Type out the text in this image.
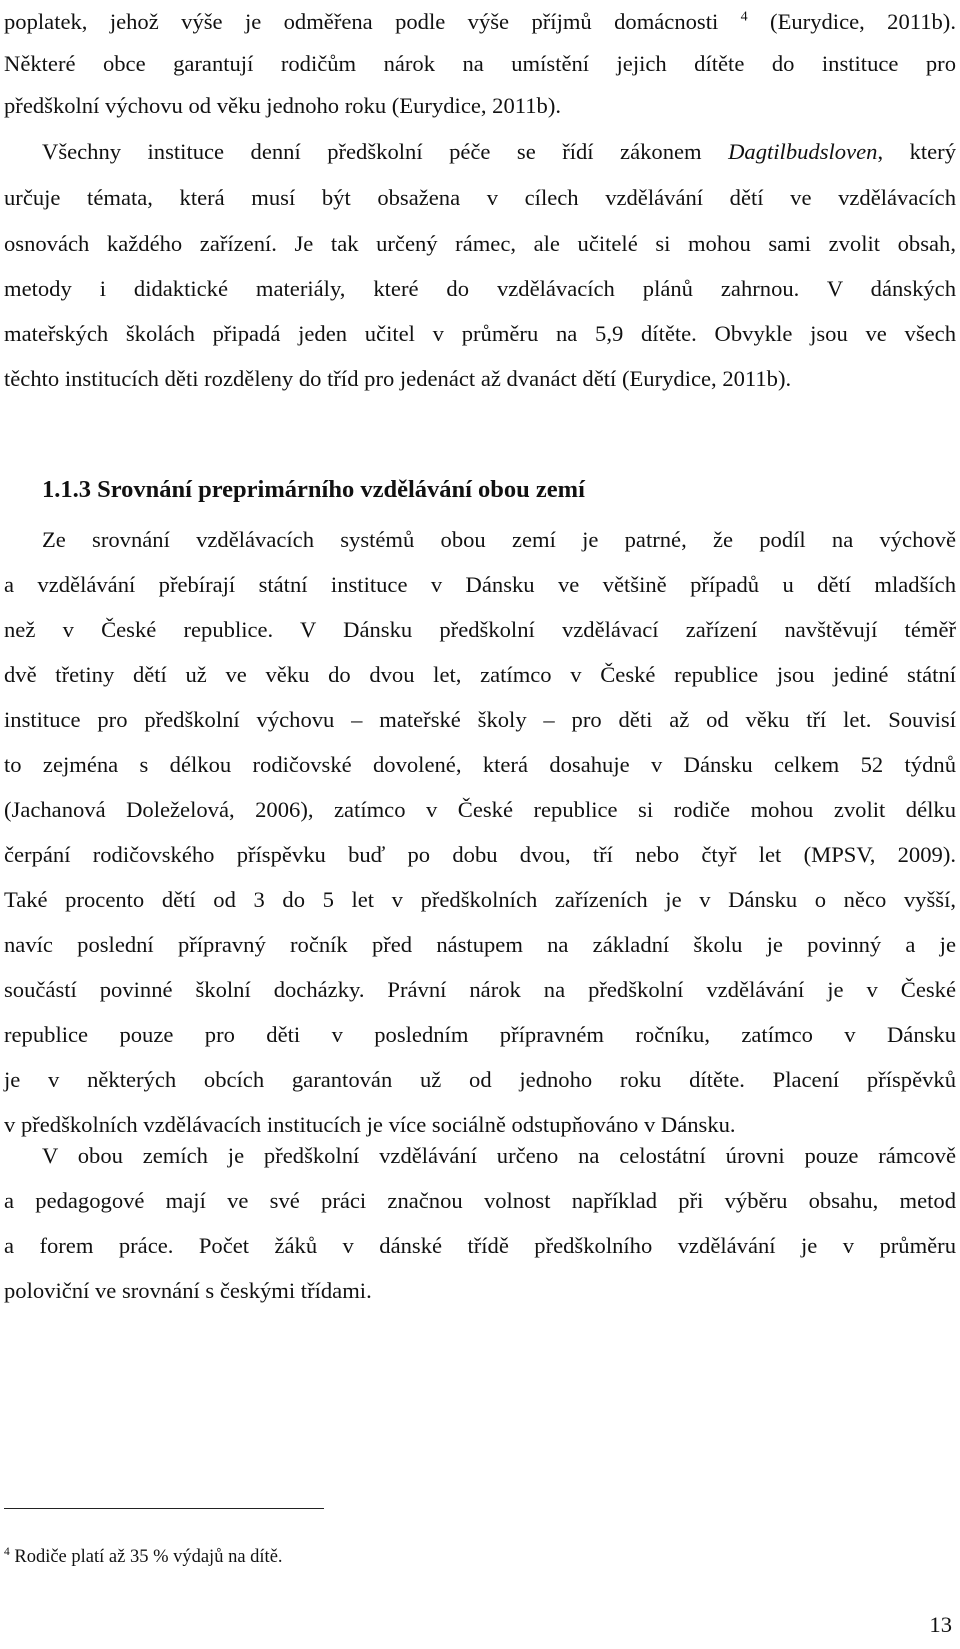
poplatek, jehož výše je odměřena podle výše příjmů domácnosti $^4$ (Eurydice, 2011b).
Některé obce garantují rodičům nárok na umístění jejich dítěte do instituce pro
předškolní výchovu od věku jednoho roku (Eurydice, 2011b).
Všechny instituce denní předškolní péče se řídí zákonem Dagtilbudsloven, který
určuje témata, která musí být obsažena v cílech vzdělávání dětí ve vzdělávacích
osnovách každého zařízení. Je tak určený rámec, ale učitelé si mohou sami zvolit obsah,
metody i didaktické materiály, které do vzdělávacích plánů zahrnou. V dánských
mateřských školách připadá jeden učitel v průměru na 5,9 dítěte. Obvykle jsou ve všech
těchto institucích děti rozděleny do tříd pro jedenáct až dvanáct dětí (Eurydice, 2011b).
1.1.3 Srovnání preprimárního vzdělávání obou zemí
Ze srovnání vzdělávacích systémů obou zemí je patrné, že podíl na výchově
a vzdělávání přebírají státní instituce v Dánsku ve většině případů u dětí mladších
než v České republice. V Dánsku předškolní vzdělávací zařízení navštěvují téměř
dvě třetiny dětí už ve věku do dvou let, zatímco v České republice jsou jediné státní
instituce pro předškolní výchovu – mateřské školy – pro děti až od věku tří let. Souvisí
to zejména s délkou rodičovské dovolené, která dosahuje v Dánsku celkem 52 týdnů
(Jachanová Doleželová, 2006), zatímco v České republice si rodiče mohou zvolit délku
čerpání rodičovského příspěvku buď po dobu dvou, tří nebo čtyř let (MPSV, 2009).
Také procento dětí od 3 do 5 let v předškolních zařízeních je v Dánsku o něco vyšší,
navíc poslední přípravný ročník před nástupem na základní školu je povinný a je
součástí povinné školní docházky. Právní nárok na předškolní vzdělávání je v České
republice pouze pro děti v posledním přípravném ročníku, zatímco v Dánsku
je v některých obcích garantován už od jednoho roku dítěte. Placení příspěvků
v předškolních vzdělávacích institucích je více sociálně odstupňováno v Dánsku.
V obou zemích je předškolní vzdělávání určeno na celostátní úrovni pouze rámcově
a pedagogové mají ve své práci značnou volnost například při výběru obsahu, metod
a forem práce. Počet žáků v dánské třídě předškolního vzdělávání je v průměru
poloviční ve srovnání s českými třídami.
$^4$ Rodiče platí až 35 % výdajů na dítě.
13
